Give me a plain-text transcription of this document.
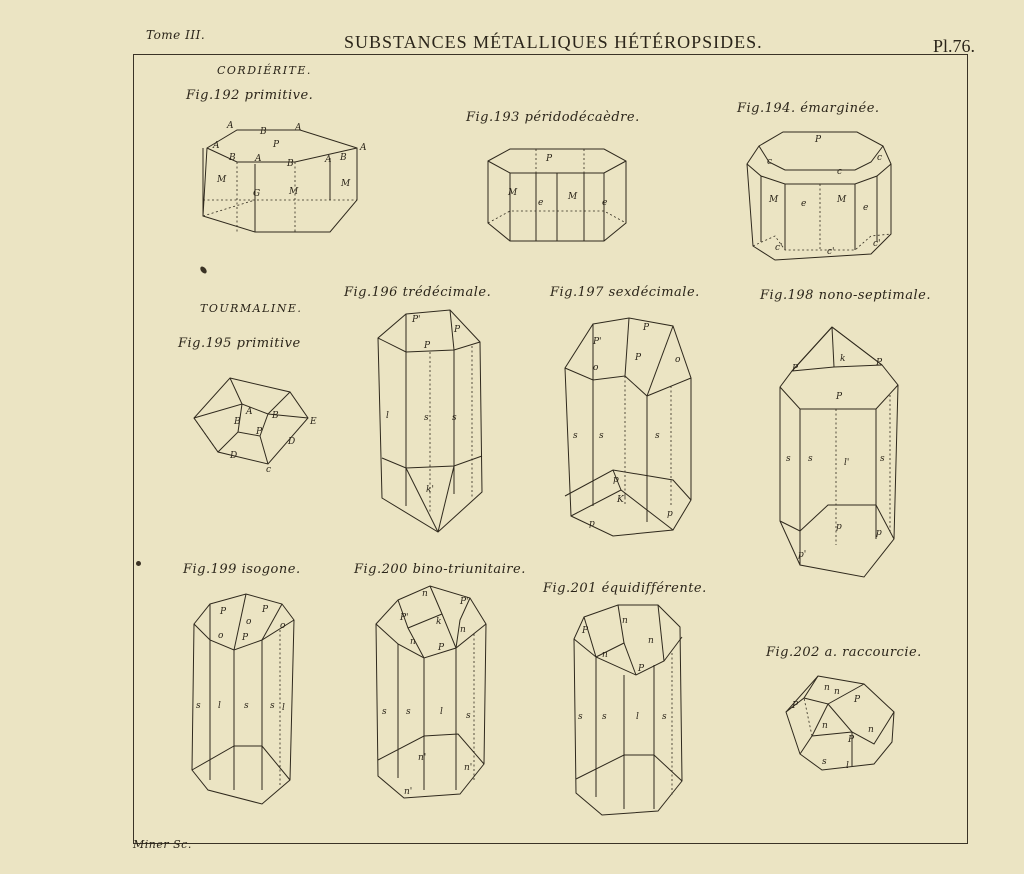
Tome III.	SUBSTANCES MÉTALLIQUES HÉTÉROPSIDES.	Pl.76.
CORDIÉRITE.
TOURMALINE.
Fig.192 primitive.
Fig.193 péridodécaèdre.
Fig.194. émarginée.
Fig.195 primitive
Fig.196 trédécimale.	Fig.197 sexdécimale.	Fig.198 nono-septimale.
Fig.199 isogone.	Fig.200 bino-triunitaire.
Fig.201 équidifférente.
Fig.202 a. raccourcie.
Miner Sc.
A
B	A
P
A
B A	B	A B
A
M
G	M
M
P
M
e
M
e
P
c
c
c
M	e	M
e
c'
c'	c'
A
B
B
P
E
D
D
c
P'
P
P
l	s	s
k'
P'
P
P	o
o
s s	s
p
K'
p
p
P
k	P
P
s s	l'	s
p
p
p'
P	P
o
o P
o
s l	s s l
n
P'
P'	k
n
n
P
s s	l	s
n'
n'
n'
P
n
n
n
P
s s	l	s
n
P
P
n
n
P
n
s l
